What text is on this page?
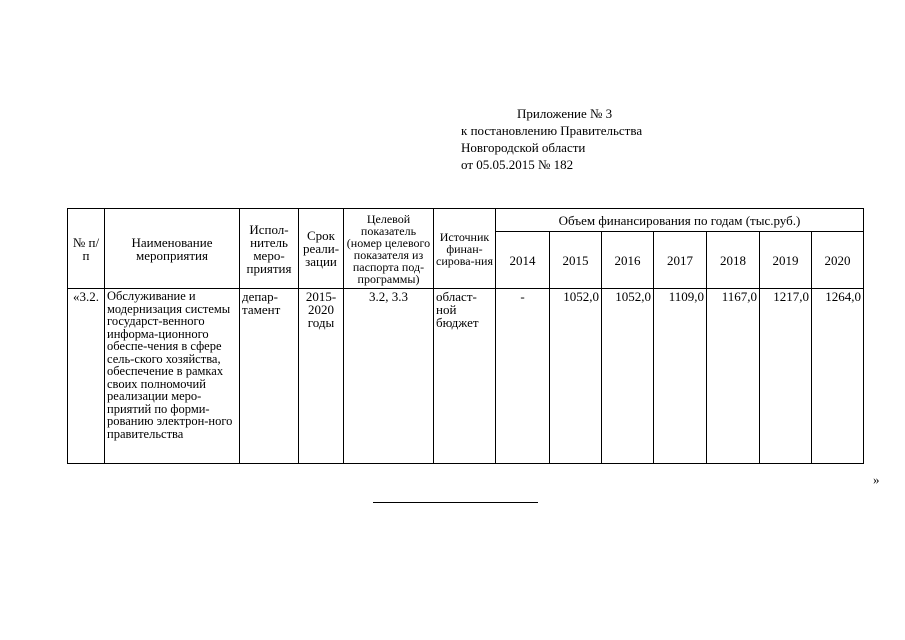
Приложение № 3
к постановлению Правительства
Новгородской области
от 05.05.2015 № 182
№ п/п	Наименование мероприятия	Испол-нитель меро-приятия	Срок реали-зации	Целевой показатель (номер целевого показателя из паспорта под-программы)	Источник финан-сирова-ния	Объем финансирования по годам (тыс.руб.)						
						2014	2015	2016	2017	2018	2019	2020
«3.2.	Обслуживание и модернизация системы государст-венного информа-ционного обеспе-чения в сфере сель-ского хозяйства, обеспечение в рамках своих полномочий реализации меро-приятий по форми-рованию электрон-ного правительства	депар-тамент	2015-2020 годы	3.2, 3.3	област-ной бюджет	-	1052,0	1052,0	1109,0	1167,0	1217,0	1264,0
»
